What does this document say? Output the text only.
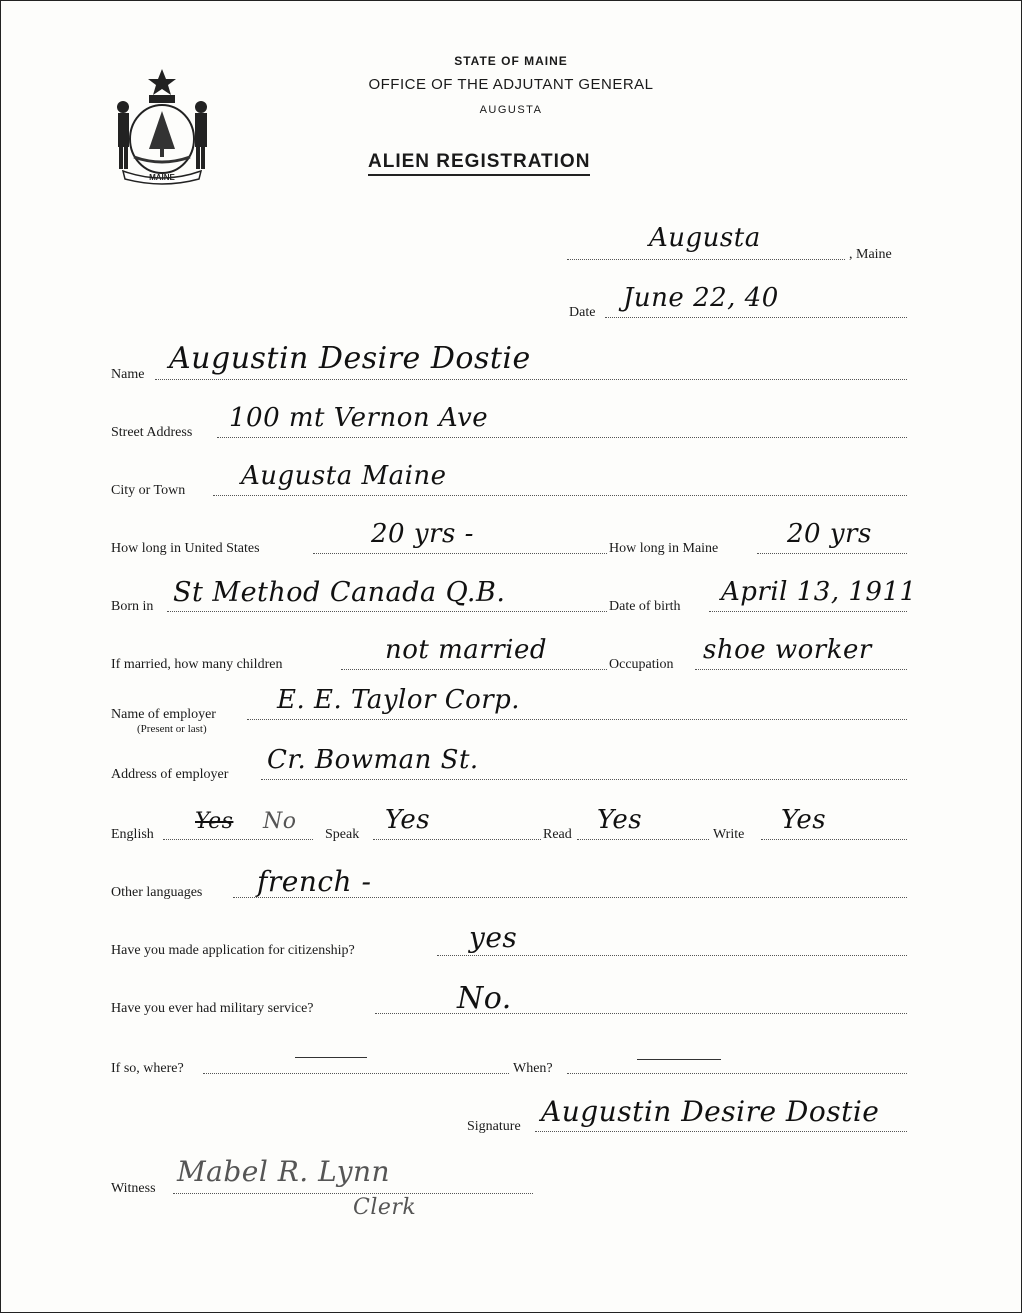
MAINE
STATE OF MAINE
OFFICE OF THE ADJUTANT GENERAL
AUGUSTA
ALIEN REGISTRATION
Augusta
, Maine
Date June 22, 40
Name Augustin Desire Dostie
Street Address 100 mt Vernon Ave
City or Town Augusta Maine
How long in United States	20 yrs -	How long in Maine	20 yrs
Born in St Method Canada Q.B.	Date of birth April 13, 1911
If married, how many children	not married	Occupation shoe worker
Name of employer
(Present or last)
E. E. Taylor Corp.
Address of employer Cr. Bowman St.
English
Yes No
Speak Yes	Read Yes	Write Yes
Other languages french -
Have you made application for citizenship?	yes
Have you ever had military service?	No.
If so, where?	When?
Signature Augustin Desire Dostie
Witness
Mabel R. Lynn
Clerk
